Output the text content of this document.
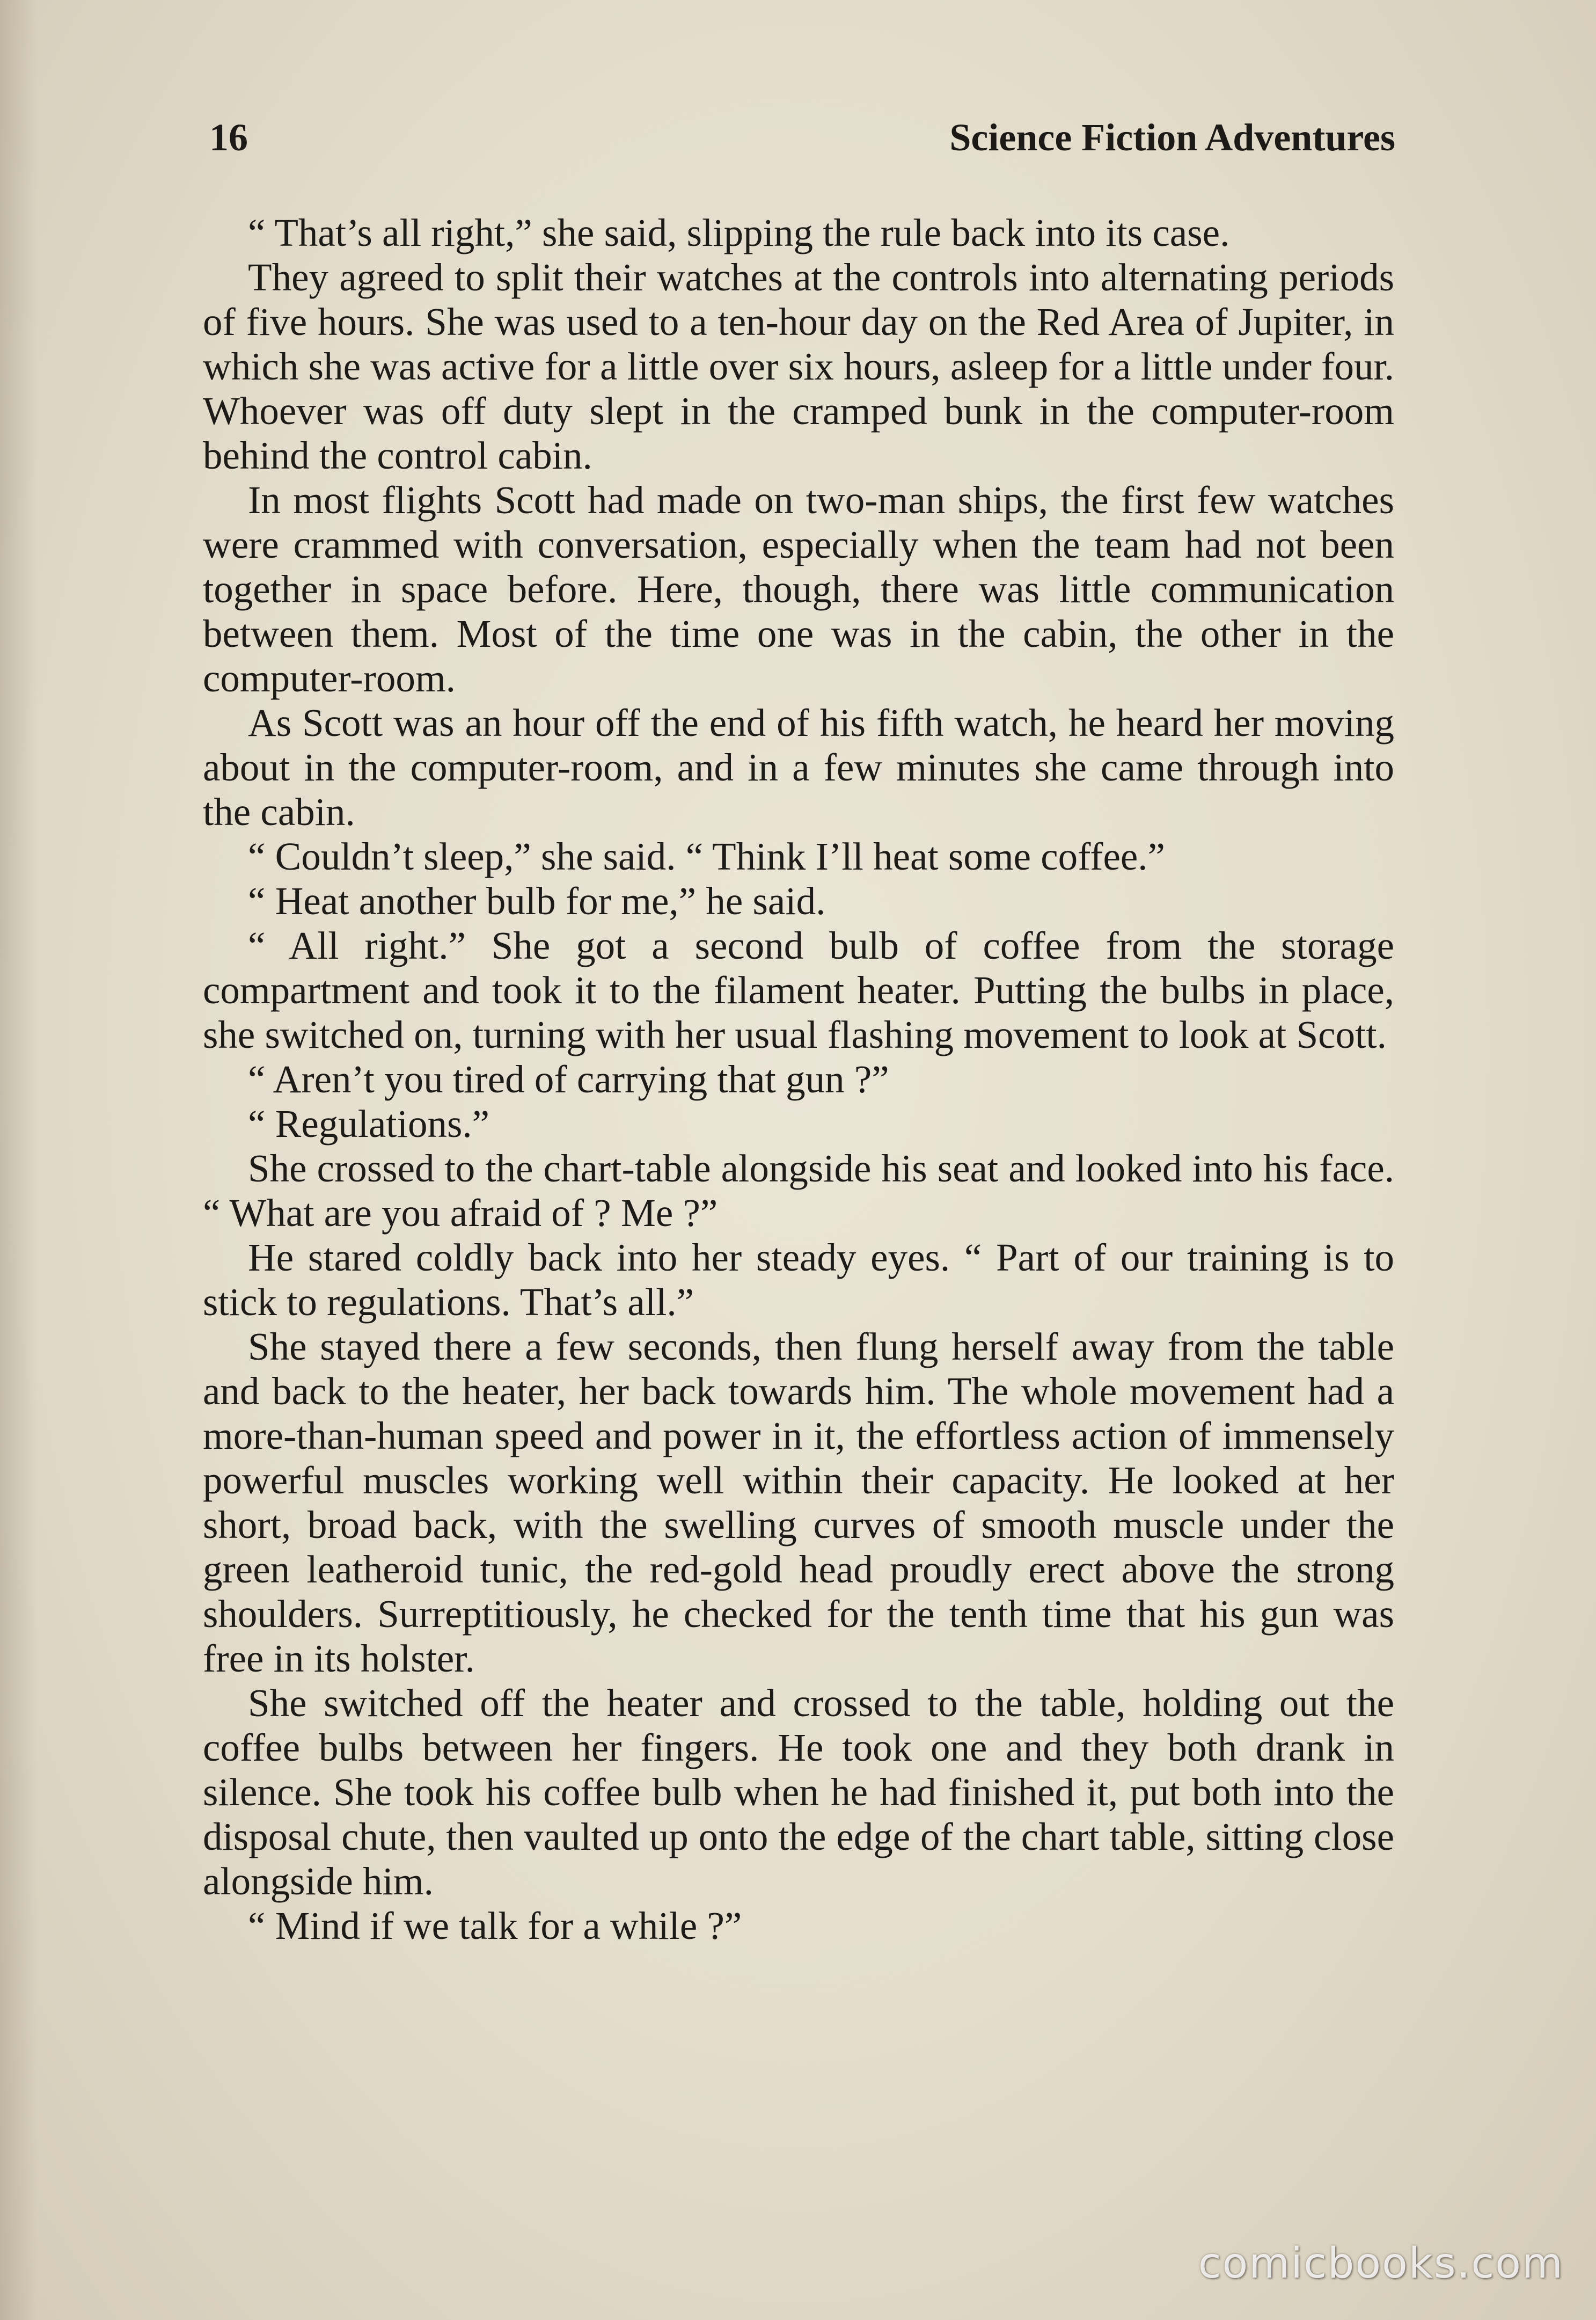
16	Science Fiction Adventures

“ That’s all right,” she said, slipping the rule back into its case.

They agreed to split their watches at the controls into alternating periods of five hours. She was used to a ten-hour day on the Red Area of Jupiter, in which she was active for a little over six hours, asleep for a little under four. Whoever was off duty slept in the cramped bunk in the computer-room behind the control cabin.

In most flights Scott had made on two-man ships, the first few watches were crammed with conversation, especially when the team had not been together in space before. Here, though, there was little communication between them. Most of the time one was in the cabin, the other in the computer-room.

As Scott was an hour off the end of his fifth watch, he heard her moving about in the computer-room, and in a few minutes she came through into the cabin.

“ Couldn’t sleep,” she said. “ Think I’ll heat some coffee.”

“ Heat another bulb for me,” he said.

“ All right.” She got a second bulb of coffee from the storage compartment and took it to the filament heater. Putting the bulbs in place, she switched on, turning with her usual flashing movement to look at Scott.

“ Aren’t you tired of carrying that gun ?”

“ Regulations.”

She crossed to the chart-table alongside his seat and looked into his face. “ What are you afraid of ? Me ?”

He stared coldly back into her steady eyes. “ Part of our training is to stick to regulations. That’s all.”

She stayed there a few seconds, then flung herself away from the table and back to the heater, her back towards him. The whole movement had a more-than-human speed and power in it, the effortless action of immensely powerful muscles working well within their capacity. He looked at her short, broad back, with the swelling curves of smooth muscle under the green leatheroid tunic, the red-gold head proudly erect above the strong shoulders. Surreptitiously, he checked for the tenth time that his gun was free in its holster.

She switched off the heater and crossed to the table, holding out the coffee bulbs between her fingers. He took one and they both drank in silence. She took his coffee bulb when he had finished it, put both into the disposal chute, then vaulted up onto the edge of the chart table, sitting close alongside him.

“ Mind if we talk for a while ?”

comicbooks.com
